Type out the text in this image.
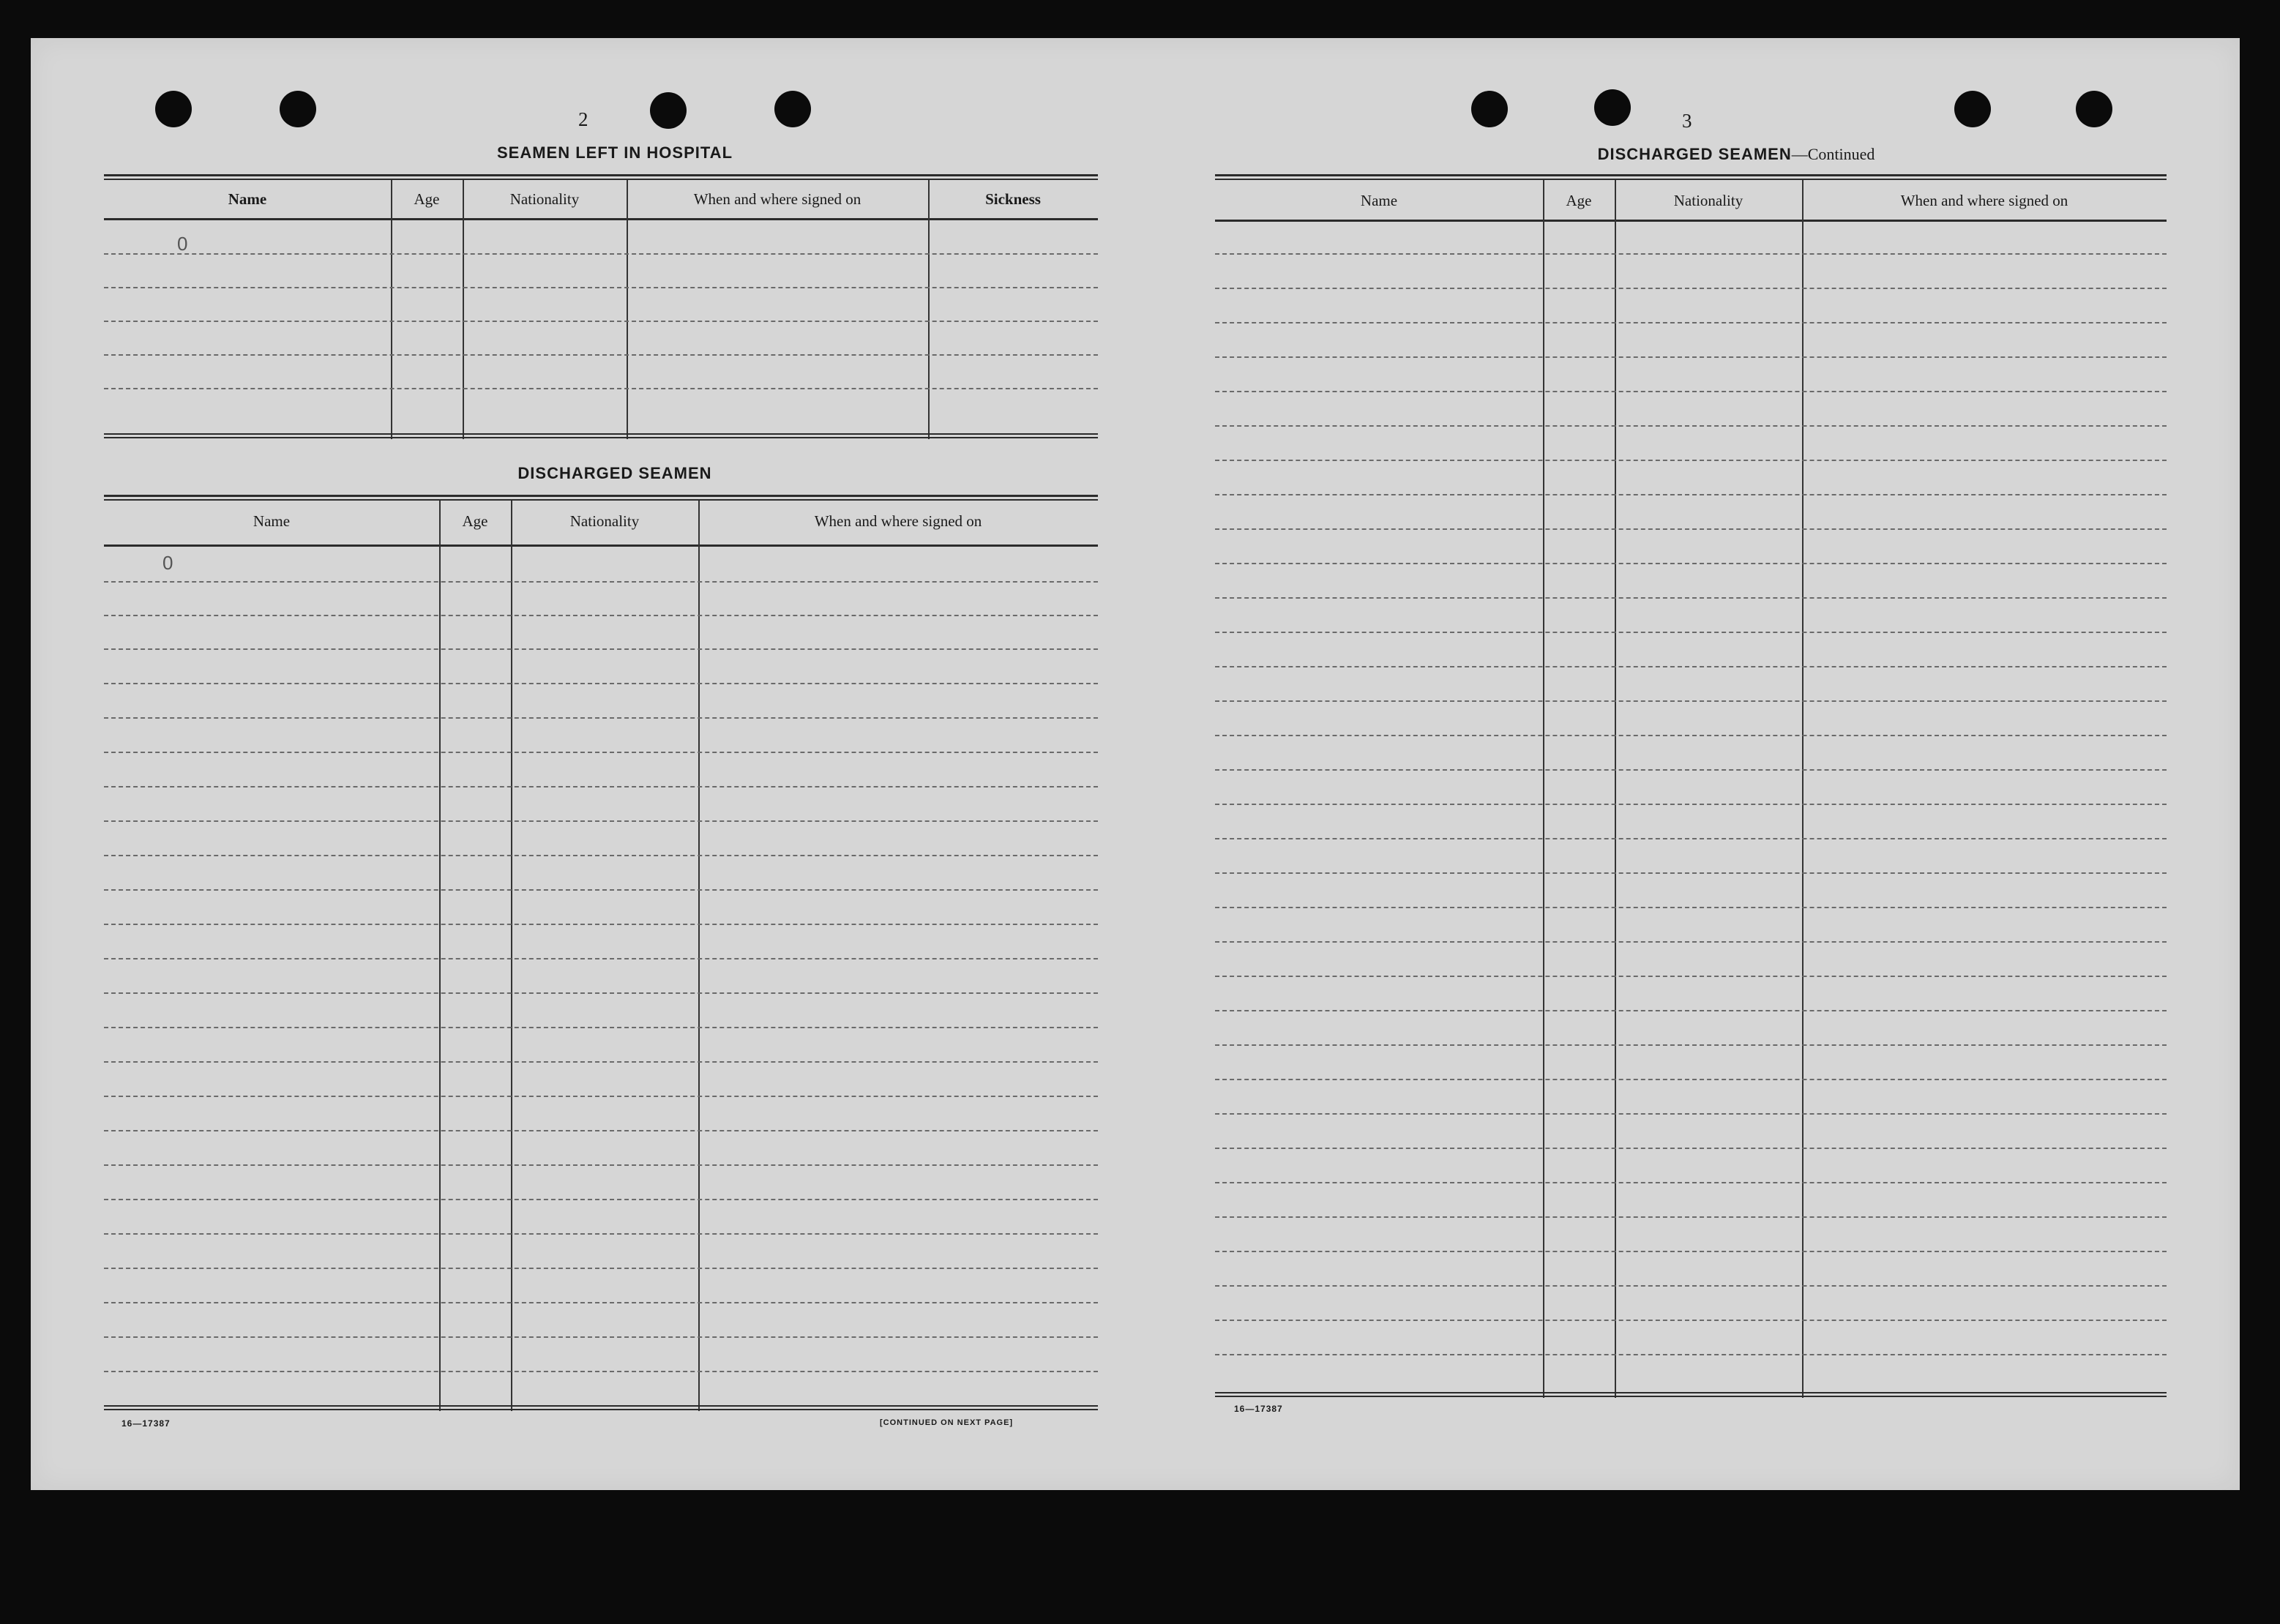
2
SEAMEN LEFT IN HOSPITAL
Name	Age	Nationality	When and where signed on	Sickness
0
DISCHARGED SEAMEN
Name	Age	Nationality	When and where signed on
0
16—17387	[CONTINUED ON NEXT PAGE]
3
DISCHARGED SEAMEN—Continued
Name	Age	Nationality	When and where signed on
16—17387
